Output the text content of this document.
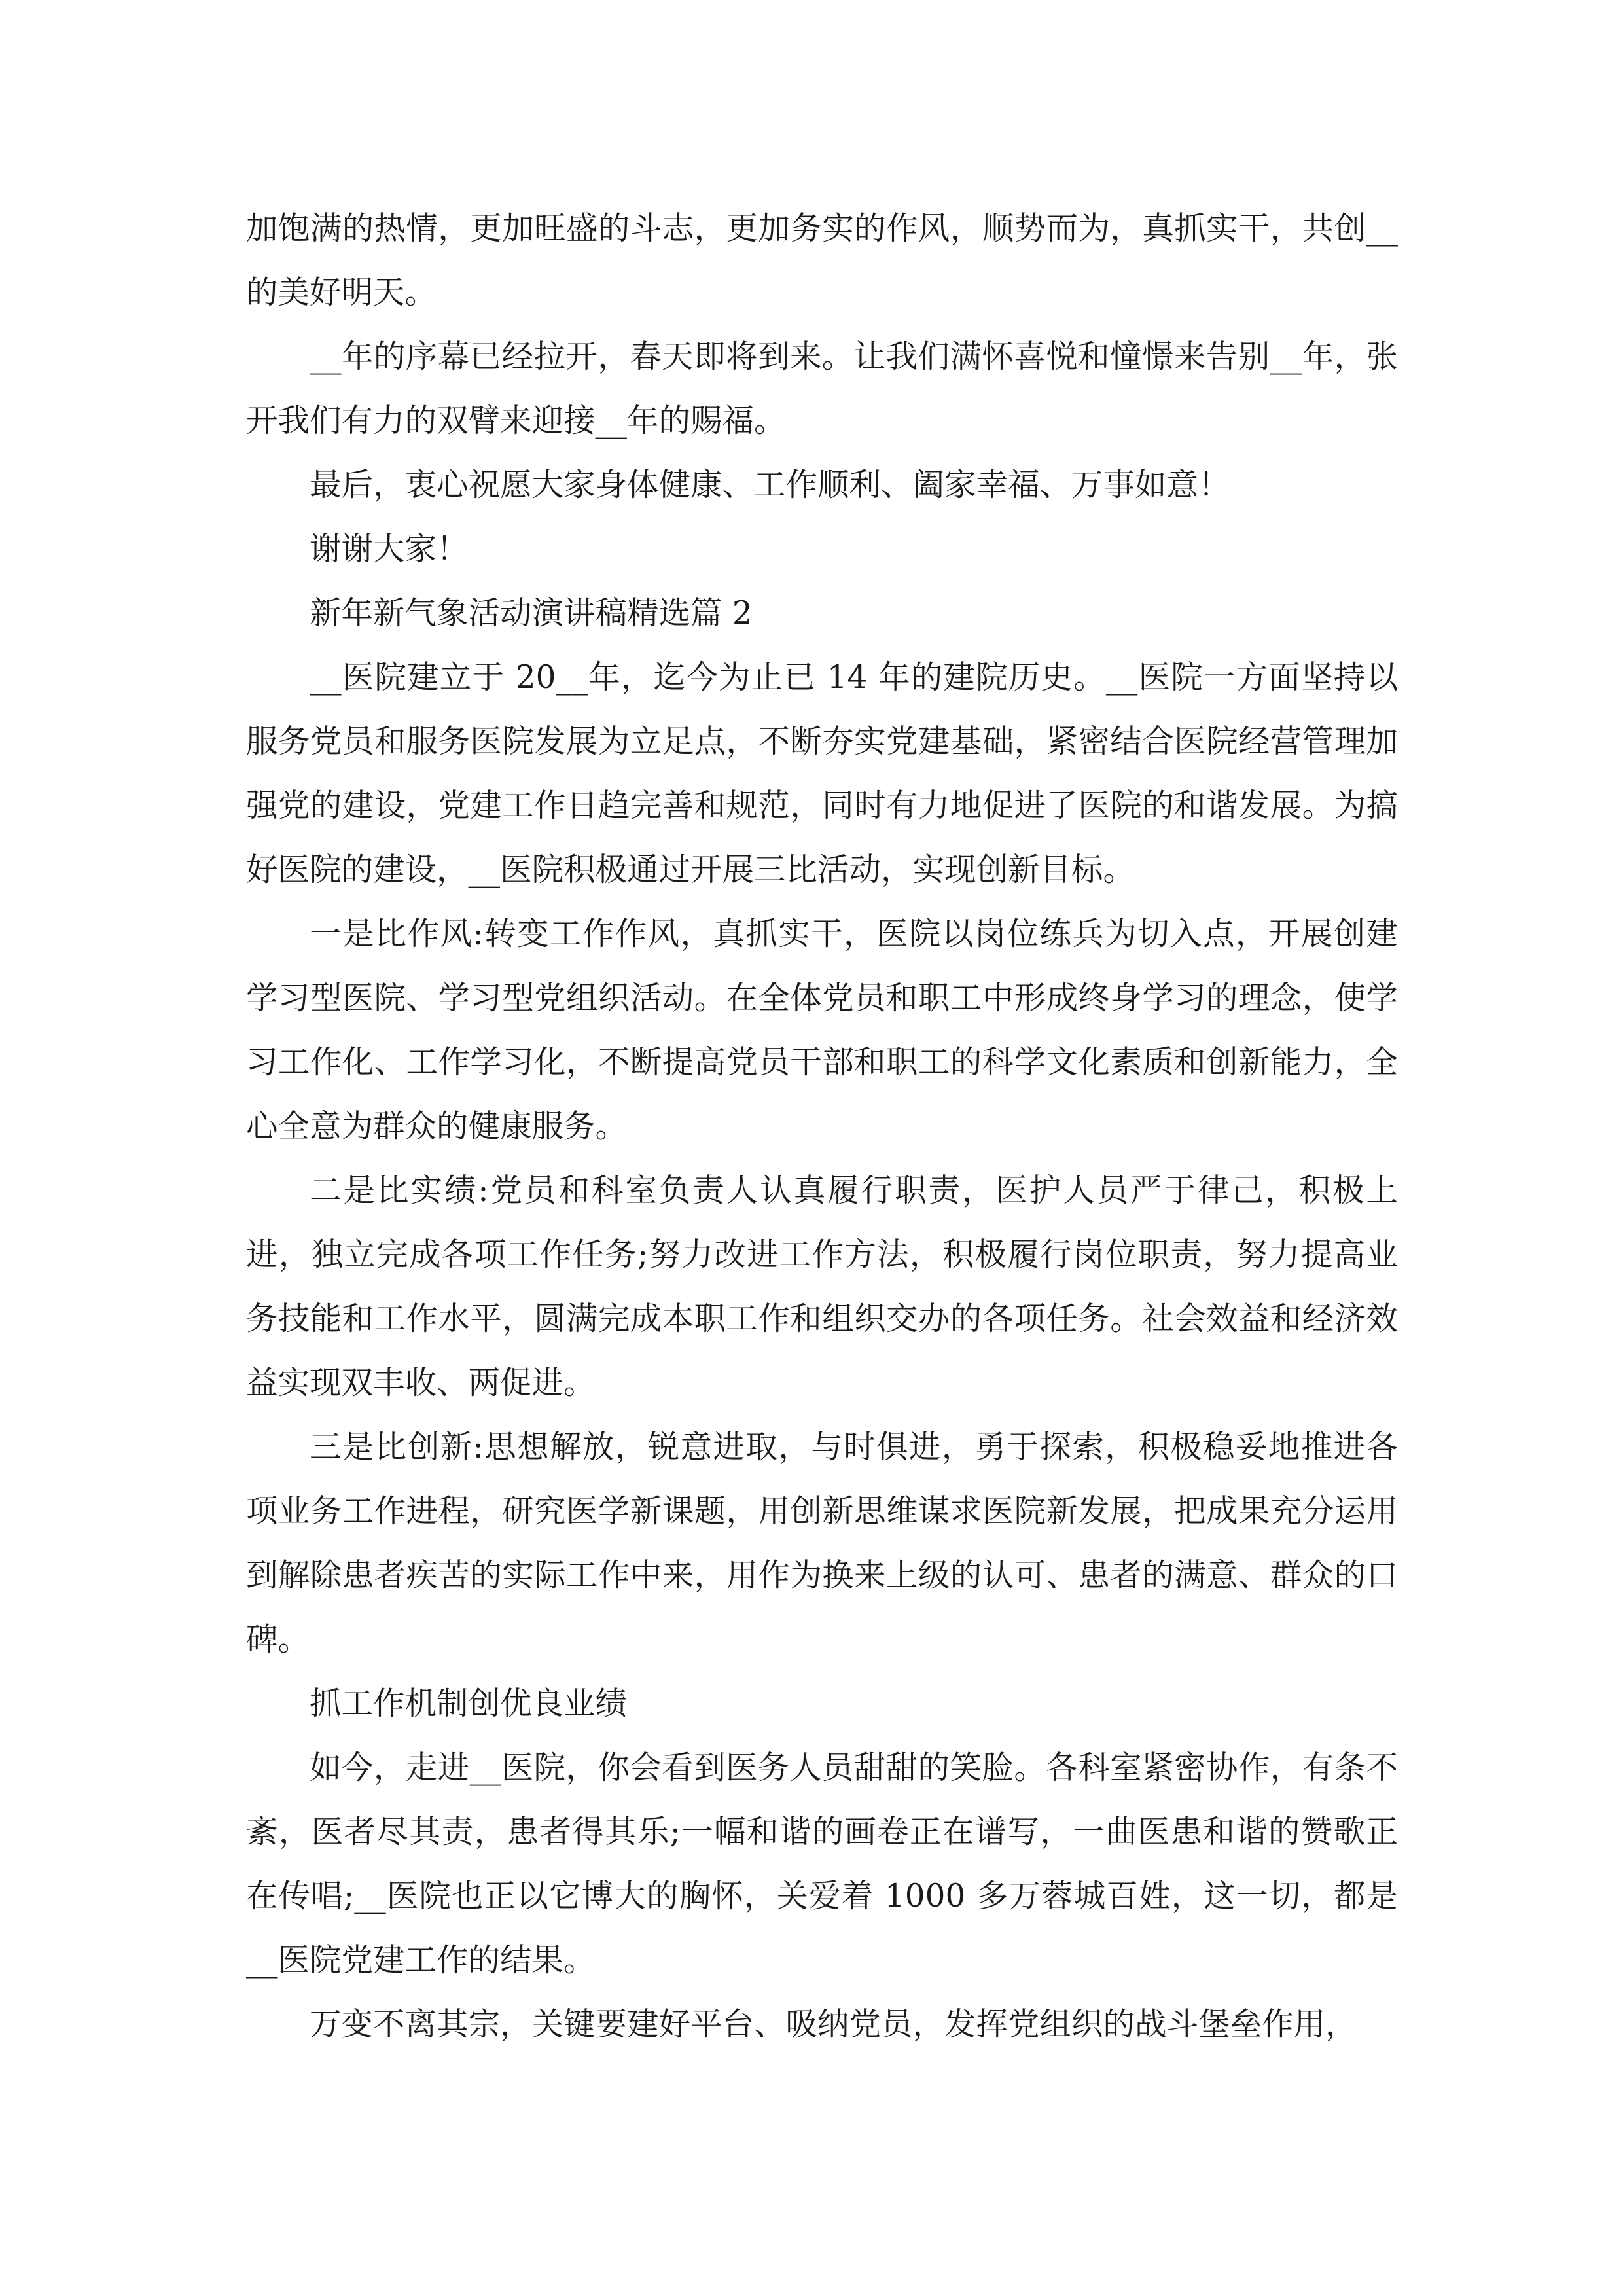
加饱满的热情，更加旺盛的斗志，更加务实的作风，顺势而为，真抓实干，共创__的美好明天。

__年的序幕已经拉开，春天即将到来。让我们满怀喜悦和憧憬来告别__年，张开我们有力的双臂来迎接__年的赐福。

最后，衷心祝愿大家身体健康、工作顺利、阖家幸福、万事如意！

谢谢大家！

新年新气象活动演讲稿精选篇 2

__医院建立于 20__年，迄今为止已 14 年的建院历史。__医院一方面坚持以服务党员和服务医院发展为立足点，不断夯实党建基础，紧密结合医院经营管理加强党的建设，党建工作日趋完善和规范，同时有力地促进了医院的和谐发展。为搞好医院的建设，__医院积极通过开展三比活动，实现创新目标。

一是比作风:转变工作作风，真抓实干，医院以岗位练兵为切入点，开展创建学习型医院、学习型党组织活动。在全体党员和职工中形成终身学习的理念，使学习工作化、工作学习化，不断提高党员干部和职工的科学文化素质和创新能力，全心全意为群众的健康服务。

二是比实绩:党员和科室负责人认真履行职责，医护人员严于律己，积极上进，独立完成各项工作任务;努力改进工作方法，积极履行岗位职责，努力提高业务技能和工作水平，圆满完成本职工作和组织交办的各项任务。社会效益和经济效益实现双丰收、两促进。

三是比创新:思想解放，锐意进取，与时俱进，勇于探索，积极稳妥地推进各项业务工作进程，研究医学新课题，用创新思维谋求医院新发展，把成果充分运用到解除患者疾苦的实际工作中来，用作为换来上级的认可、患者的满意、群众的口碑。

抓工作机制创优良业绩

如今，走进__医院，你会看到医务人员甜甜的笑脸。各科室紧密协作，有条不紊，医者尽其责，患者得其乐;一幅和谐的画卷正在谱写，一曲医患和谐的赞歌正在传唱;__医院也正以它博大的胸怀，关爱着 1000 多万蓉城百姓，这一切，都是__医院党建工作的结果。

万变不离其宗，关键要建好平台、吸纳党员，发挥党组织的战斗堡垒作用，
